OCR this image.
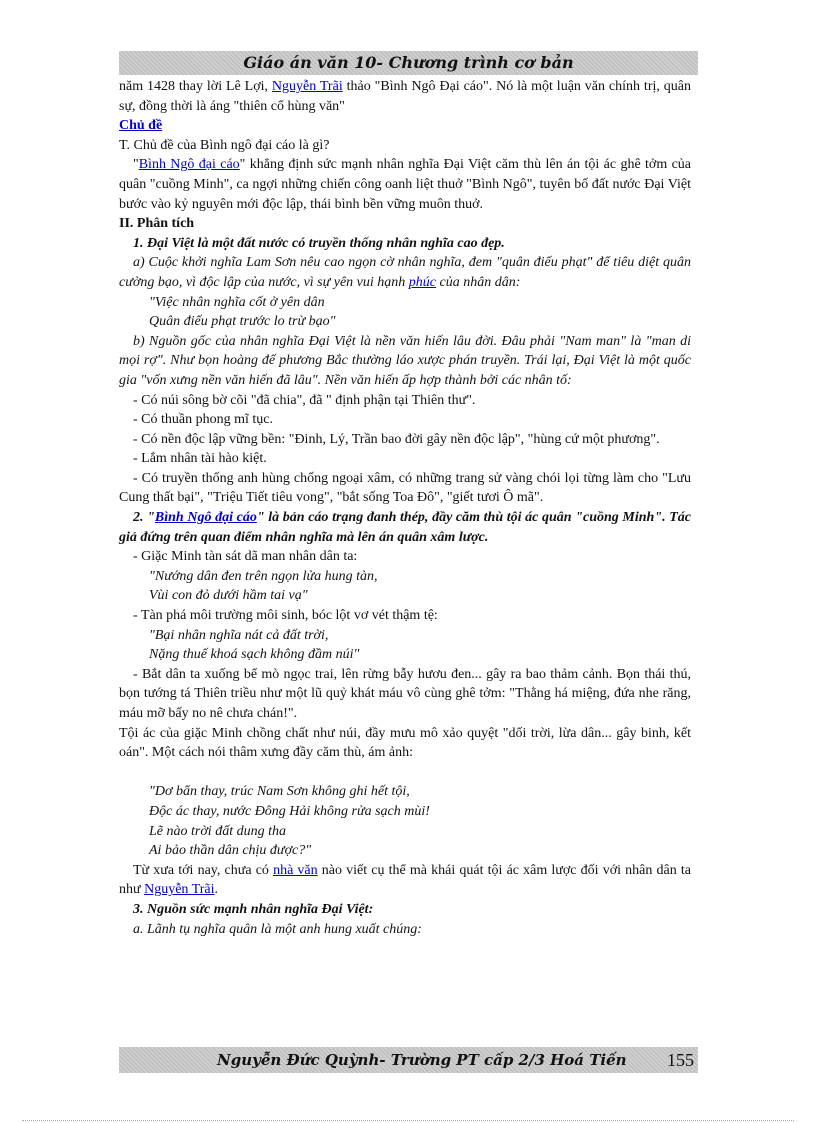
Giáo án văn 10- Chương trình cơ bản

năm 1428 thay lời Lê Lợi, Nguyễn Trãi thảo "Bình Ngô Đại cáo". Nó là một luận văn chính trị, quân sự, đồng thời là áng "thiên cổ hùng văn"

Chủ đề

T. Chủ đề của Bình ngô đại cáo là gì?

"Bình Ngô đại cáo" khẳng định sức mạnh nhân nghĩa Đại Việt căm thù lên án tội ác ghê tởm của quân "cuồng Minh", ca ngợi những chiến công oanh liệt thuở "Bình Ngô", tuyên bố đất nước Đại Việt bước vào kỷ nguyên mới độc lập, thái bình bền vững muôn thuở.

II. Phân tích

1. Đại Việt là một đất nước có truyền thống nhân nghĩa cao đẹp.

a) Cuộc khởi nghĩa Lam Sơn nêu cao ngọn cờ nhân nghĩa, đem "quân điếu phạt" để tiêu diệt quân cường bạo, vì độc lập của nước, vì sự yên vui hạnh phúc của nhân dân:

"Việc nhân nghĩa cốt ở yên dân

Quân điếu phạt trước lo trừ bạo"

b) Nguồn gốc của nhân nghĩa Đại Việt là nền văn hiến lâu đời. Đâu phải "Nam man" là "man di mọi rợ". Như bọn hoàng đế phương Bắc thường láo xược phán truyền. Trái lại, Đại Việt là một quốc gia "vốn xưng nền văn hiến đã lâu". Nền văn hiến ấp hợp thành bởi các nhân tố:

- Có núi sông bờ cõi "đã chia", đã " định phận tại Thiên thư".

- Có thuần phong mĩ tục.

- Có nền độc lập vững bền: "Đinh, Lý, Trần bao đời gây nền độc lập", "hùng cứ một phương".

- Lắm nhân tài hào kiệt.

- Có truyền thống anh hùng chống ngoại xâm, có những trang sử vàng chói lọi từng làm cho "Lưu Cung thất bại", "Triệu Tiết tiêu vong", "bắt sống Toa Đô", "giết tươi Ô mã".

2. "Bình Ngô đại cáo" là bản cáo trạng đanh thép, đầy căm thù tội ác quân "cuồng Minh". Tác giả đứng trên quan điểm nhân nghĩa mà lên án quân xâm lược.

- Giặc Minh tàn sát dã man nhân dân ta:

"Nướng dân đen trên ngọn lửa hung tàn,

Vùi con đỏ dưới hầm tai vạ"

- Tàn phá môi trường môi sinh, bóc lột vơ vét thậm tệ:

"Bại nhân nghĩa nát cả đất trời,

Nặng thuế khoá sạch không đầm núi"

- Bắt dân ta xuống bể mò ngọc trai, lên rừng bẫy hươu đen... gây ra bao thảm cảnh. Bọn thái thú, bọn tướng tá Thiên triều như một lũ quỷ khát máu vô cùng ghê tởm: "Thằng há miệng, đứa nhe răng, máu mỡ bấy no nê chưa chán!".

Tội ác của giặc Minh chồng chất như núi, đầy mưu mô xảo quyệt "dối trời, lừa dân... gây binh, kết oán". Một cách nói thâm xưng đầy căm thù, ám ảnh:

"Dơ bẩn thay, trúc Nam Sơn không ghi hết tội,

Độc ác thay, nước Đông Hải không rửa sạch mùi!

Lẽ nào trời đất dung tha

Ai bảo thần dân chịu được?"

Từ xưa tới nay, chưa có nhà văn nào viết cụ thể mà khái quát tội ác xâm lược đối với nhân dân ta như Nguyễn Trãi.

3. Nguồn sức mạnh nhân nghĩa Đại Việt:

a. Lãnh tụ nghĩa quân là một anh hung xuất chúng:

Nguyễn Đức Quỳnh- Trường PT cấp 2/3 Hoá Tiến 155
